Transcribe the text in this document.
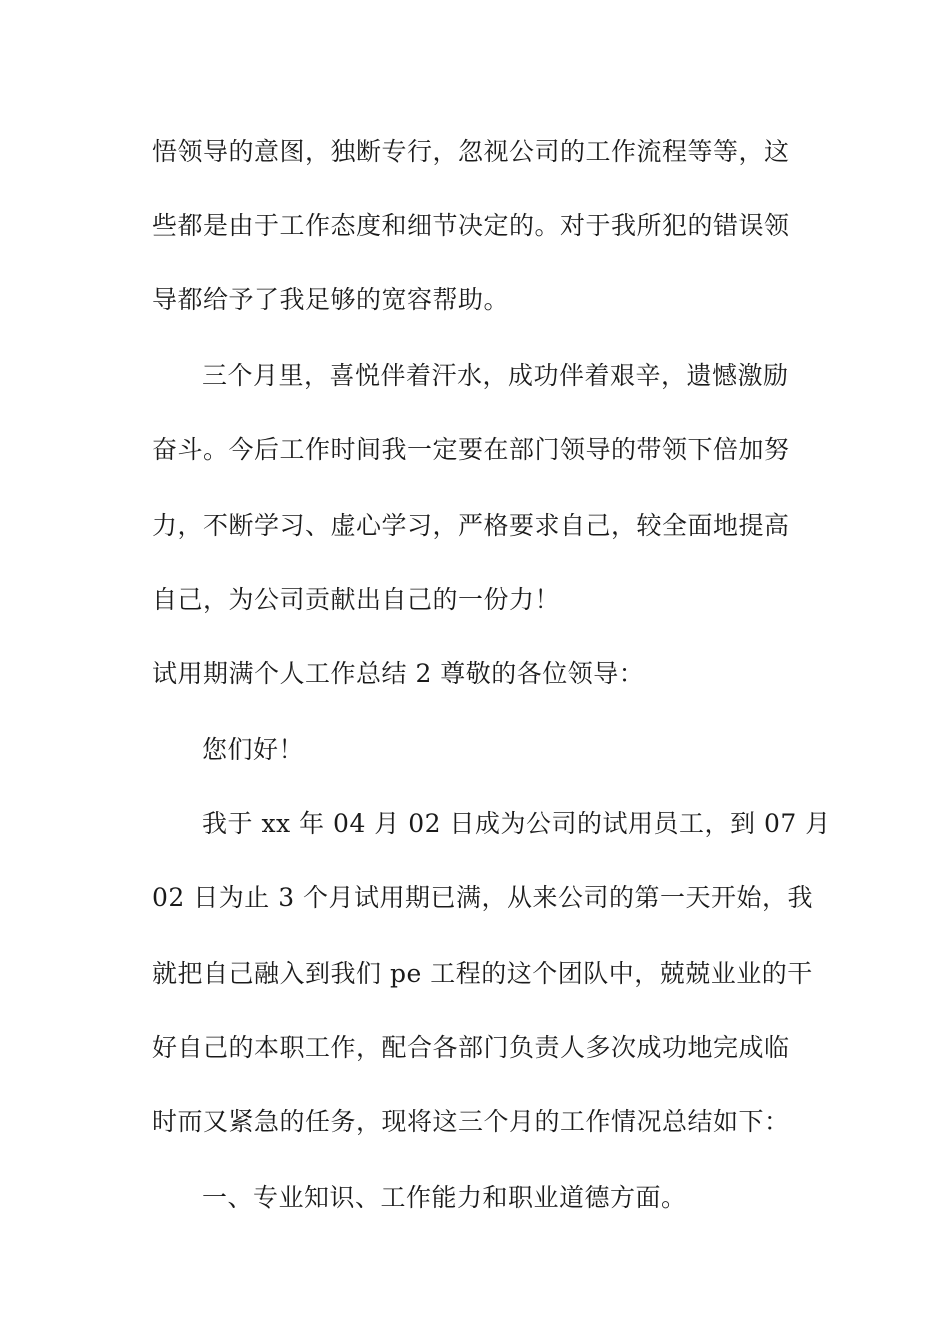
悟领导的意图，独断专行，忽视公司的工作流程等等，这
些都是由于工作态度和细节决定的。对于我所犯的错误领
导都给予了我足够的宽容帮助。
三个月里，喜悦伴着汗水，成功伴着艰辛，遗憾激励
奋斗。今后工作时间我一定要在部门领导的带领下倍加努
力，不断学习、虚心学习，严格要求自己，较全面地提高
自己，为公司贡献出自己的一份力！
试用期满个人工作总结 2 尊敬的各位领导：
您们好！
我于 xx 年 04 月 02 日成为公司的试用员工，到 07 月
02 日为止 3 个月试用期已满，从来公司的第一天开始，我
就把自己融入到我们 pe 工程的这个团队中，兢兢业业的干
好自己的本职工作，配合各部门负责人多次成功地完成临
时而又紧急的任务，现将这三个月的工作情况总结如下：
一、专业知识、工作能力和职业道德方面。
